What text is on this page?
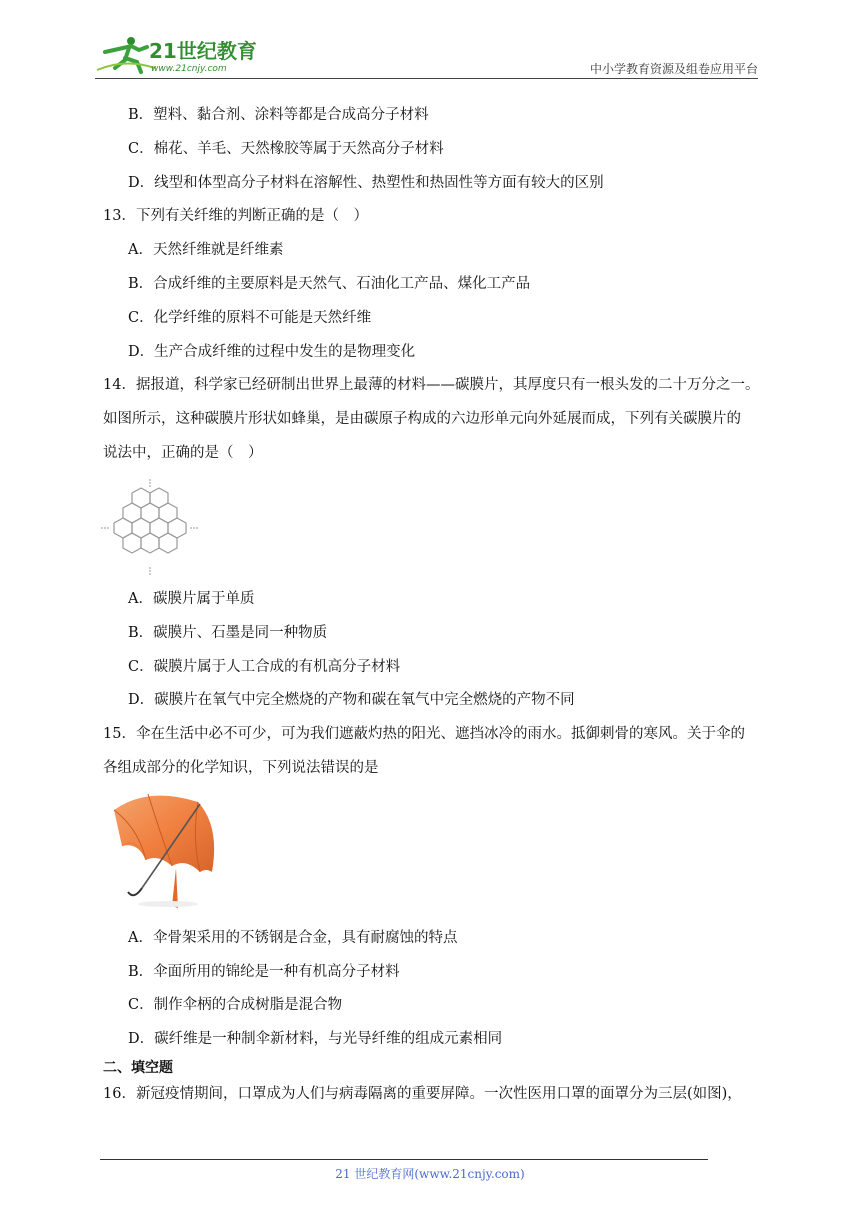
21世纪教育
www.21cnjy.com	中小学教育资源及组卷应用平台
B．塑料、黏合剂、涂料等都是合成高分子材料
C．棉花、羊毛、天然橡胶等属于天然高分子材料
D．线型和体型高分子材料在溶解性、热塑性和热固性等方面有较大的区别
13．下列有关纤维的判断正确的是（　）
A．天然纤维就是纤维素
B．合成纤维的主要原料是天然气、石油化工产品、煤化工产品
C．化学纤维的原料不可能是天然纤维
D．生产合成纤维的过程中发生的是物理变化
14．据报道，科学家已经研制出世界上最薄的材料——碳膜片，其厚度只有一根头发的二十万分之一。
如图所示，这种碳膜片形状如蜂巢，是由碳原子构成的六边形单元向外延展而成，下列有关碳膜片的
说法中，正确的是（　）
A．碳膜片属于单质
B．碳膜片、石墨是同一种物质
C．碳膜片属于人工合成的有机高分子材料
D．碳膜片在氧气中完全燃烧的产物和碳在氧气中完全燃烧的产物不同
15．伞在生活中必不可少，可为我们遮蔽灼热的阳光、遮挡冰冷的雨水。抵御刺骨的寒风。关于伞的
各组成部分的化学知识，下列说法错误的是
A．伞骨架采用的不锈钢是合金，具有耐腐蚀的特点
B．伞面所用的锦纶是一种有机高分子材料
C．制作伞柄的合成树脂是混合物
D．碳纤维是一种制伞新材料，与光导纤维的组成元素相同
二、填空题
16．新冠疫情期间，口罩成为人们与病毒隔离的重要屏障。一次性医用口罩的面罩分为三层(如图)，
21 世纪教育网(www.21cnjy.com)
